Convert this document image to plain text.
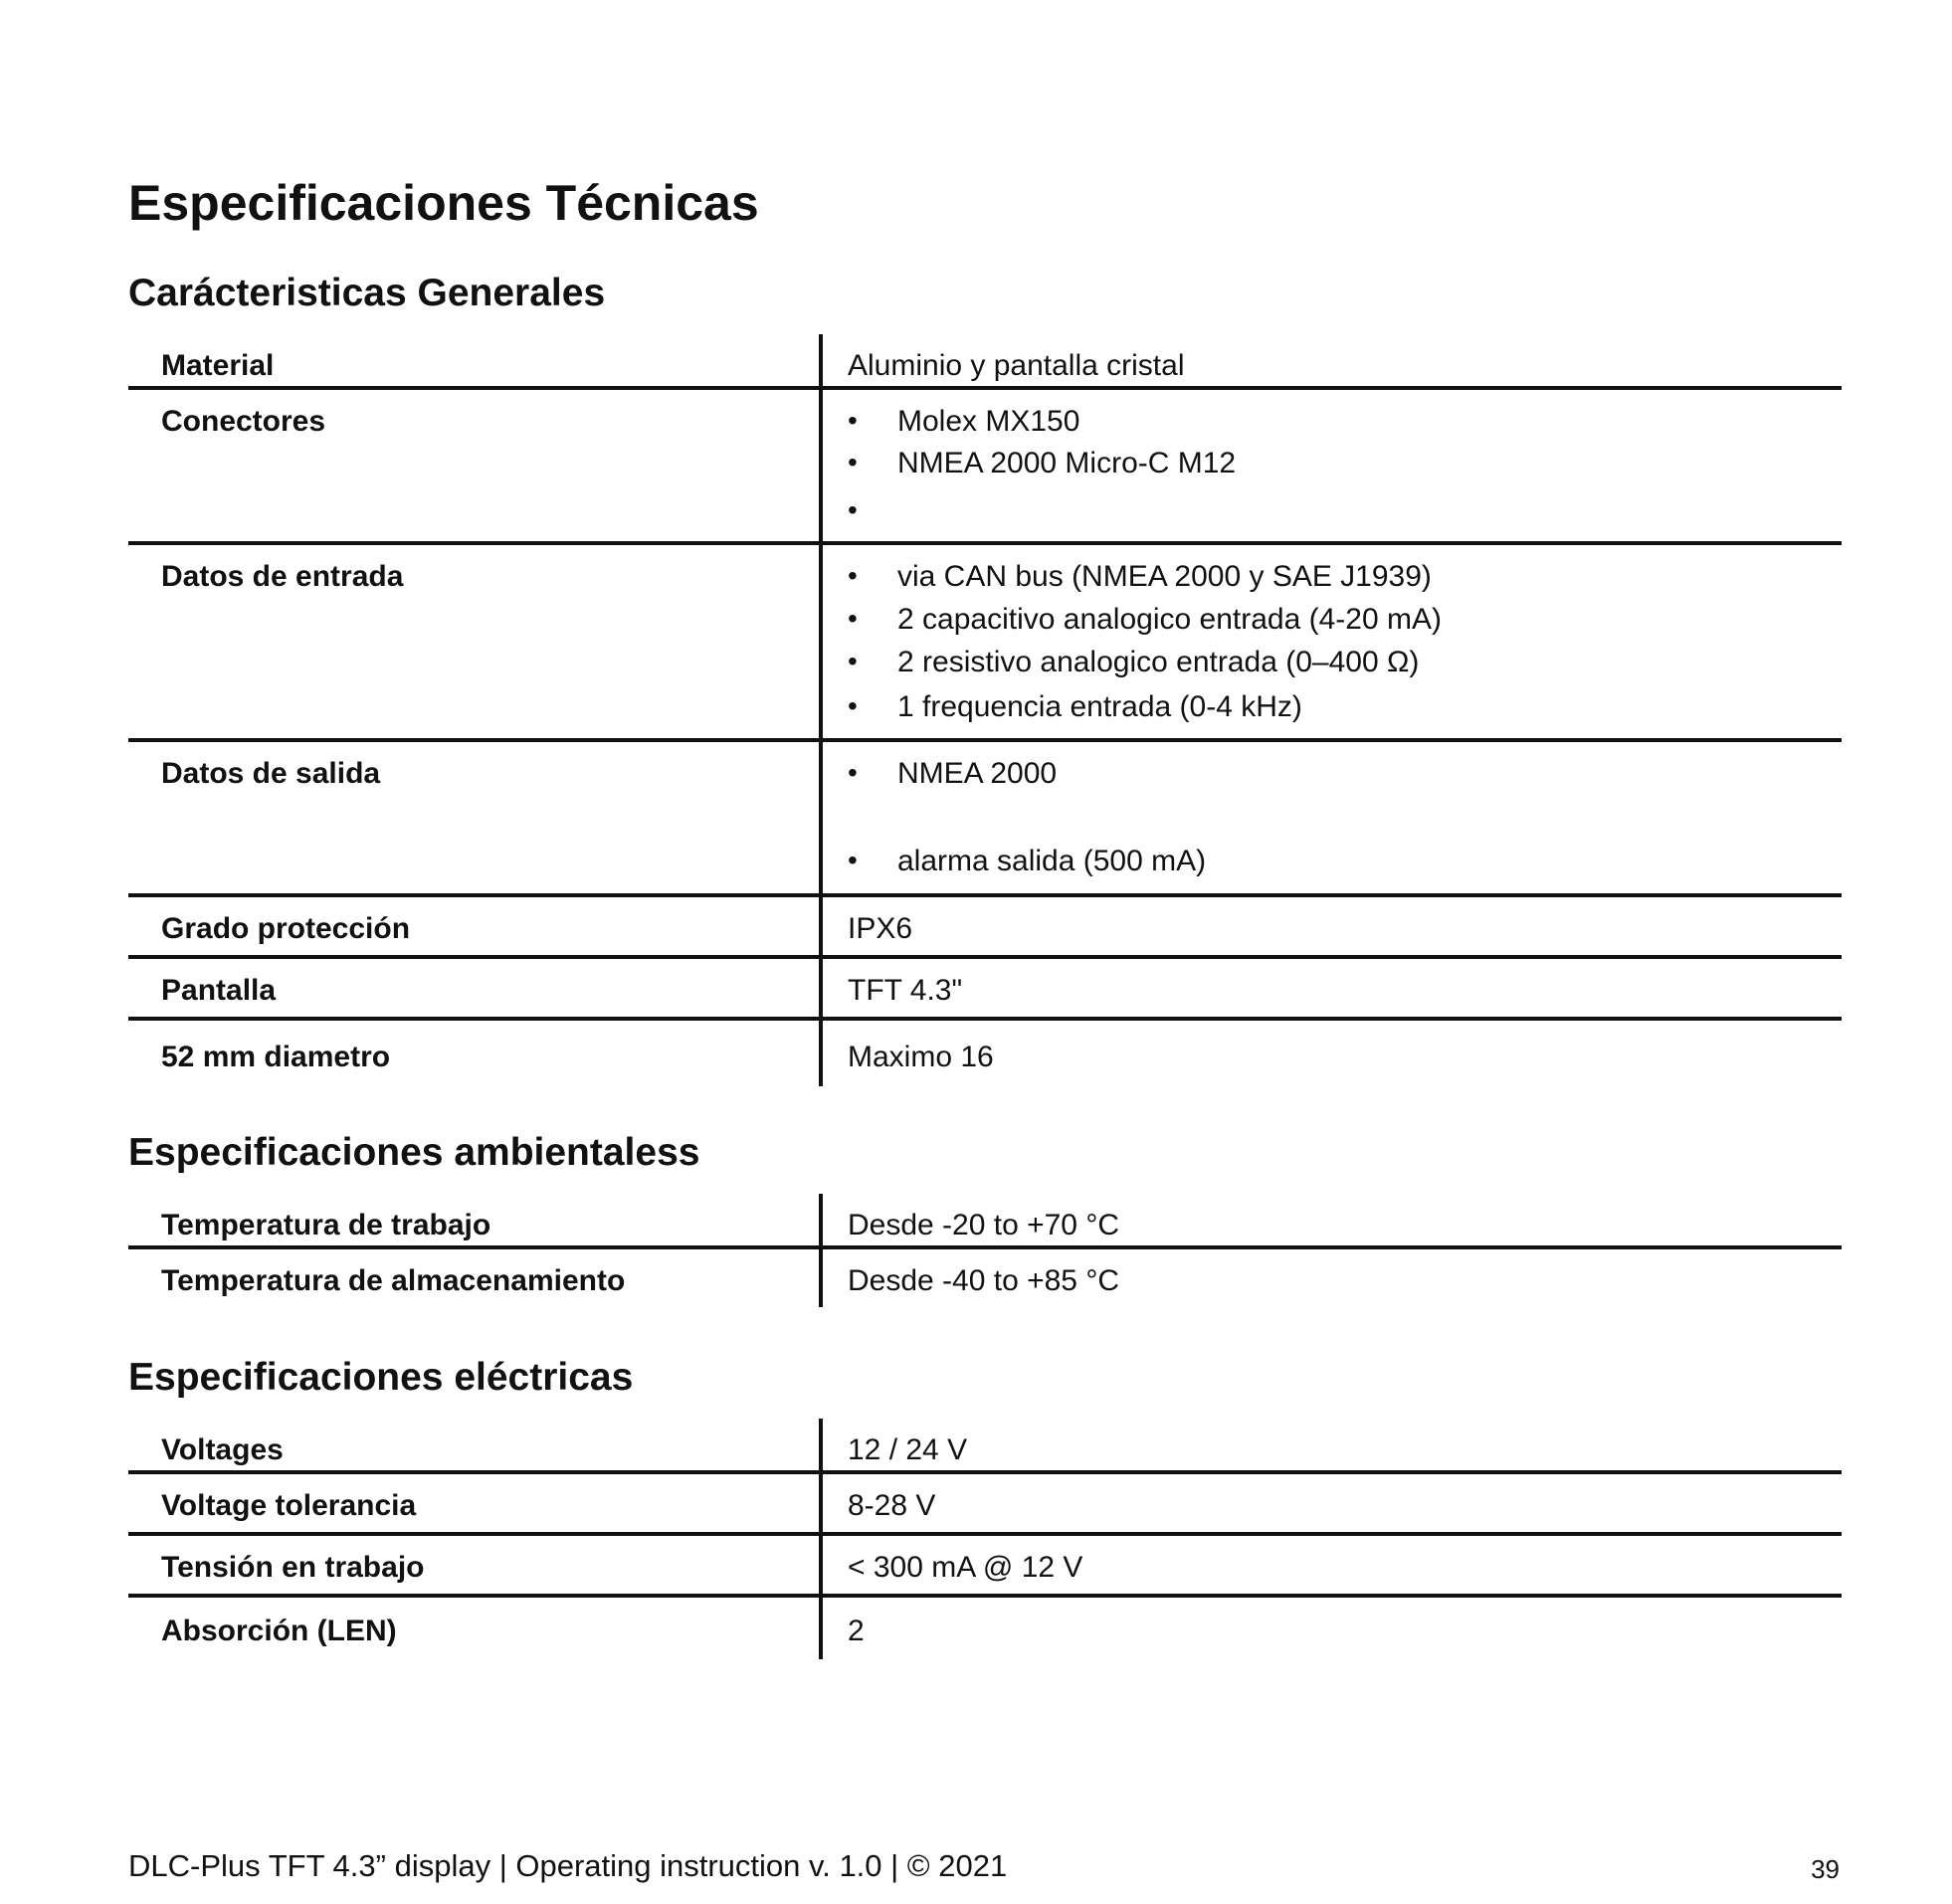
Especificaciones Técnicas
Carácteristicas Generales
Material	Aluminio y pantalla cristal
Conectores	• Molex MX150
• NMEA 2000 Micro-C M12
•
Datos de entrada	• via CAN bus (NMEA 2000 y SAE J1939)
• 2 capacitivo analogico entrada (4-20 mA)
• 2 resistivo analogico entrada (0–400 Ω)
• 1 frequencia entrada (0-4 kHz)
Datos de salida	• NMEA 2000
• alarma salida (500 mA)
Grado protección	IPX6
Pantalla	TFT 4.3"
52 mm diametro	Maximo 16
Especificaciones ambientaless
Temperatura de trabajo	Desde -20 to +70 °C
Temperatura de almacenamiento	Desde -40 to +85 °C
Especificaciones eléctricas
Voltages	12 / 24 V
Voltage tolerancia	8-28 V
Tensión en trabajo	< 300 mA @ 12 V
Absorción (LEN)	2
DLC-Plus TFT 4.3” display | Operating instruction v. 1.0 | © 2021	39
